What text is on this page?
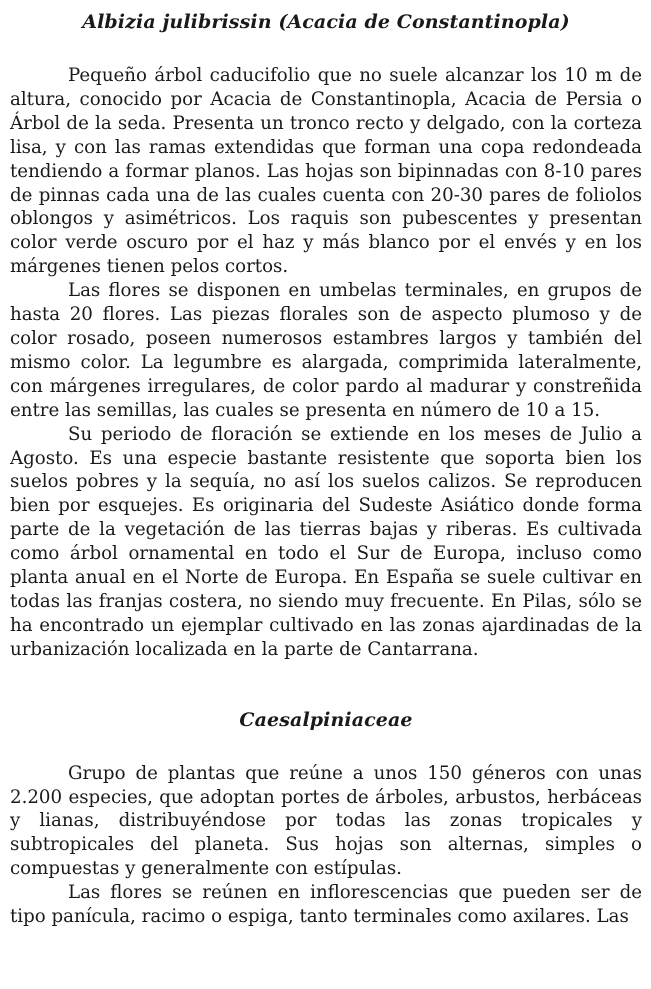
Albizia julibrissin (Acacia de Constantinopla)

Pequeño árbol caducifolio que no suele alcanzar los 10 m de altura, conocido por Acacia de Constantinopla, Acacia de Persia o Árbol de la seda. Presenta un tronco recto y delgado, con la corteza lisa, y con las ramas extendidas que forman una copa redondeada tendiendo a formar planos. Las hojas son bipinnadas con 8-10 pares de pinnas cada una de las cuales cuenta con 20-30 pares de foliolos oblongos y asimétricos. Los raquis son pubescentes y presentan color verde oscuro por el haz y más blanco por el envés y en los márgenes tienen pelos cortos.

Las flores se disponen en umbelas terminales, en grupos de hasta 20 flores. Las piezas florales son de aspecto plumoso y de color rosado, poseen numerosos estambres largos y también del mismo color. La legumbre es alargada, comprimida lateralmente, con márgenes irregulares, de color pardo al madurar y constreñida entre las semillas, las cuales se presenta en número de 10 a 15.

Su periodo de floración se extiende en los meses de Julio a Agosto. Es una especie bastante resistente que soporta bien los suelos pobres y la sequía, no así los suelos calizos. Se reproducen bien por esquejes. Es originaria del Sudeste Asiático donde forma parte de la vegetación de las tierras bajas y riberas. Es cultivada como árbol ornamental en todo el Sur de Europa, incluso como planta anual en el Norte de Europa. En España se suele cultivar en todas las franjas costera, no siendo muy frecuente. En Pilas, sólo se ha encontrado un ejemplar cultivado en las zonas ajardinadas de la urbanización localizada en la parte de Cantarrana.

Caesalpiniaceae

Grupo de plantas que reúne a unos 150 géneros con unas 2.200 especies, que adoptan portes de árboles, arbustos, herbáceas y lianas, distribuyéndose por todas las zonas tropicales y subtropicales del planeta. Sus hojas son alternas, simples o compuestas y generalmente con estípulas.

Las flores se reúnen en inflorescencias que pueden ser de tipo panícula, racimo o espiga, tanto terminales como axilares. Las
